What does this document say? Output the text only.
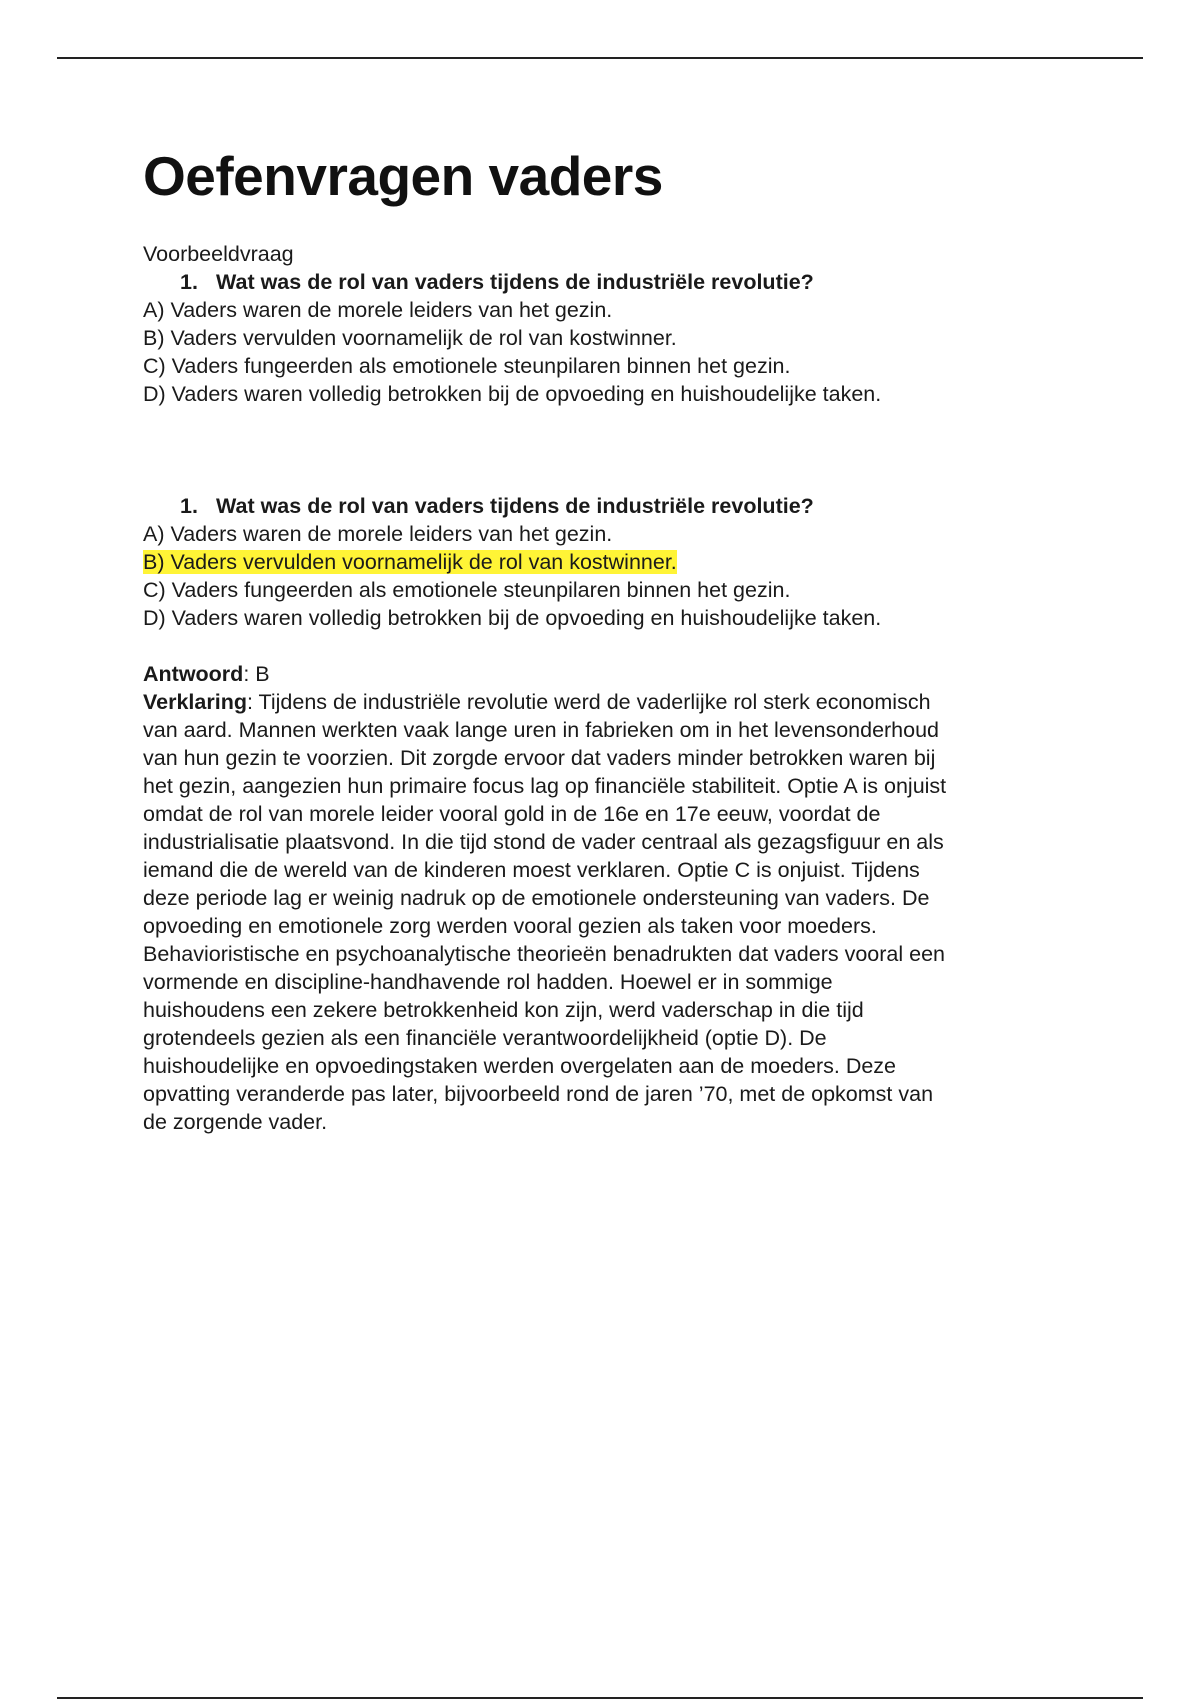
Oefenvragen vaders
Voorbeeldvraag
1. Wat was de rol van vaders tijdens de industriële revolutie?
A) Vaders waren de morele leiders van het gezin.
B) Vaders vervulden voornamelijk de rol van kostwinner.
C) Vaders fungeerden als emotionele steunpilaren binnen het gezin.
D) Vaders waren volledig betrokken bij de opvoeding en huishoudelijke taken.
1. Wat was de rol van vaders tijdens de industriële revolutie?
A) Vaders waren de morele leiders van het gezin.
B) Vaders vervulden voornamelijk de rol van kostwinner.
C) Vaders fungeerden als emotionele steunpilaren binnen het gezin.
D) Vaders waren volledig betrokken bij de opvoeding en huishoudelijke taken.
Antwoord: B
Verklaring: Tijdens de industriële revolutie werd de vaderlijke rol sterk economisch
van aard. Mannen werkten vaak lange uren in fabrieken om in het levensonderhoud
van hun gezin te voorzien. Dit zorgde ervoor dat vaders minder betrokken waren bij
het gezin, aangezien hun primaire focus lag op financiële stabiliteit. Optie A is onjuist
omdat de rol van morele leider vooral gold in de 16e en 17e eeuw, voordat de
industrialisatie plaatsvond. In die tijd stond de vader centraal als gezagsfiguur en als
iemand die de wereld van de kinderen moest verklaren. Optie C is onjuist. Tijdens
deze periode lag er weinig nadruk op de emotionele ondersteuning van vaders. De
opvoeding en emotionele zorg werden vooral gezien als taken voor moeders.
Behavioristische en psychoanalytische theorieën benadrukten dat vaders vooral een
vormende en discipline-handhavende rol hadden. Hoewel er in sommige
huishoudens een zekere betrokkenheid kon zijn, werd vaderschap in die tijd
grotendeels gezien als een financiële verantwoordelijkheid (optie D). De
huishoudelijke en opvoedingstaken werden overgelaten aan de moeders. Deze
opvatting veranderde pas later, bijvoorbeeld rond de jaren ’70, met de opkomst van
de zorgende vader.
